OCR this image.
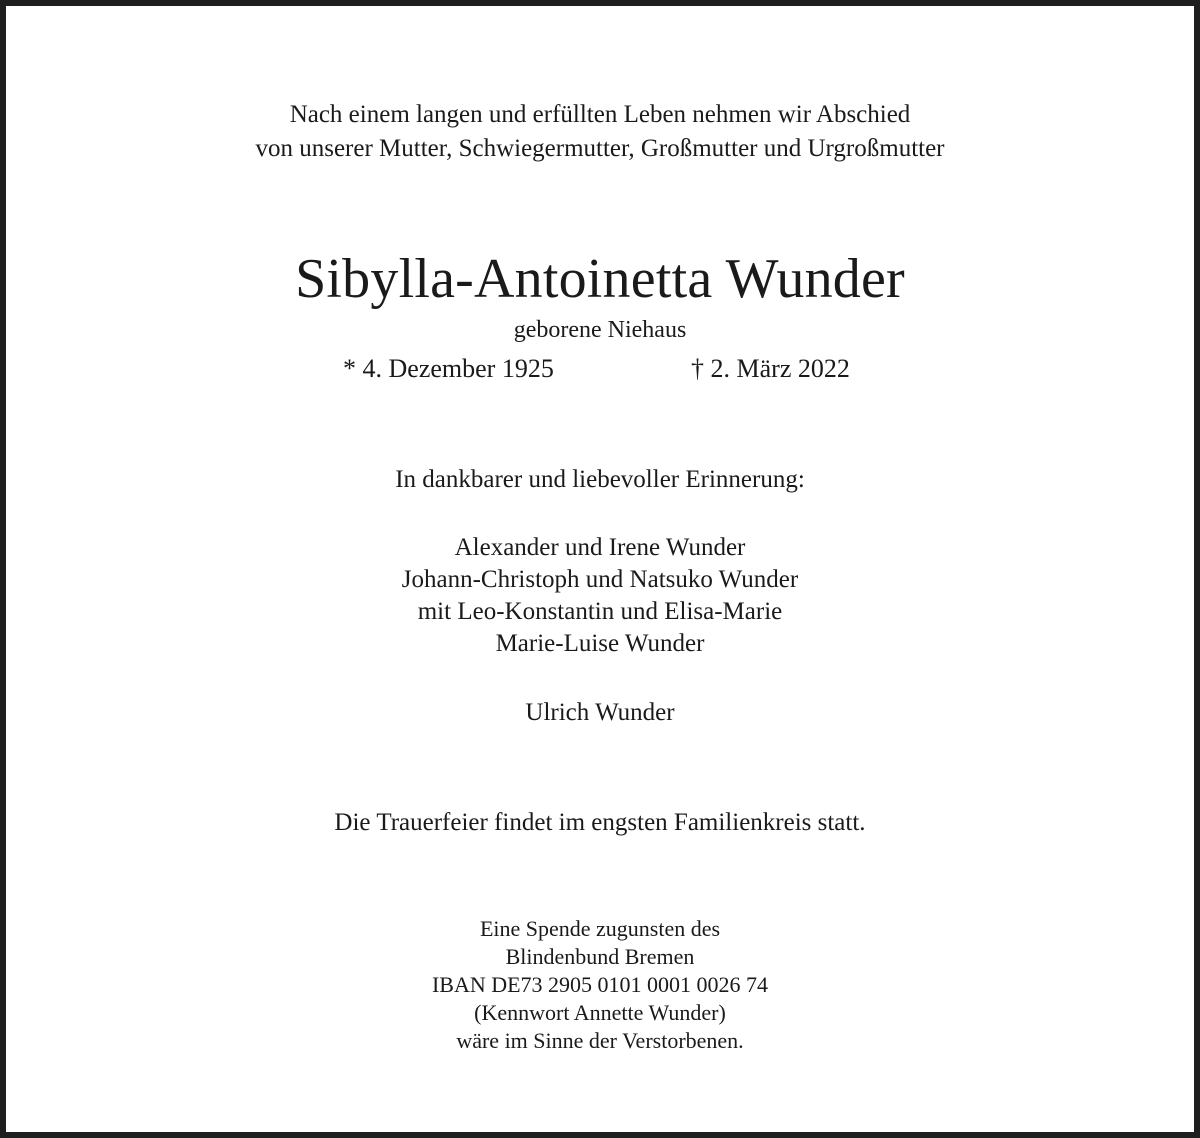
Nach einem langen und erfüllten Leben nehmen wir Abschied
von unserer Mutter, Schwiegermutter, Großmutter und Urgroßmutter
Sibylla-Antoinetta Wunder
geborene Niehaus
* 4. Dezember 1925	† 2. März 2022
In dankbarer und liebevoller Erinnerung:
Alexander und Irene Wunder
Johann-Christoph und Natsuko Wunder
mit Leo-Konstantin und Elisa-Marie
Marie-Luise Wunder
Ulrich Wunder
Die Trauerfeier findet im engsten Familienkreis statt.
Eine Spende zugunsten des
Blindenbund Bremen
IBAN DE73 2905 0101 0001 0026 74
(Kennwort Annette Wunder)
wäre im Sinne der Verstorbenen.
